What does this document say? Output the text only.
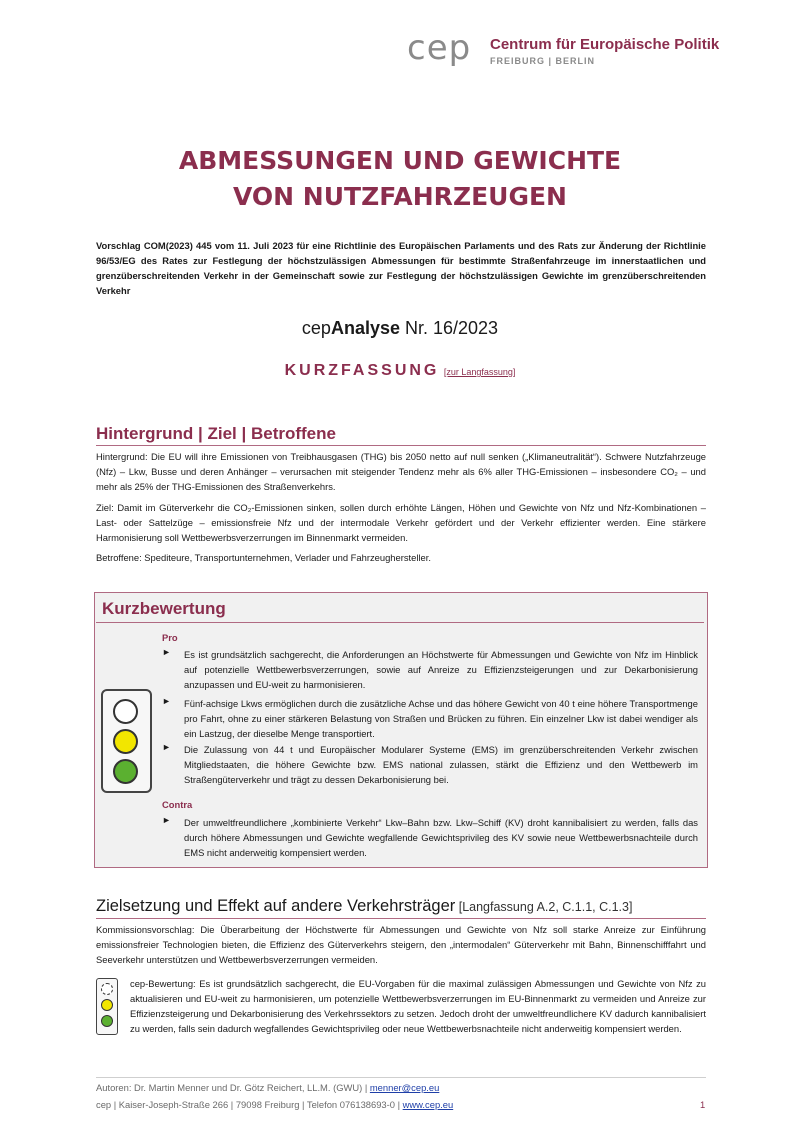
cep Centrum für Europäische Politik
FREIBURG | BERLIN
ABMESSUNGEN UND GEWICHTE
VON NUTZFAHRZEUGEN
Vorschlag COM(2023) 445 vom 11. Juli 2023 für eine Richtlinie des Europäischen Parlaments und des Rats zur Änderung der Richtlinie 96/53/EG des Rates zur Festlegung der höchstzulässigen Abmessungen für bestimmte Straßenfahrzeuge im innerstaatlichen und grenzüberschreitenden Verkehr in der Gemeinschaft sowie zur Festlegung der höchstzulässigen Gewichte im grenzüberschreitenden Verkehr
cepAnalyse Nr. 16/2023
KURZFASSUNG [zur Langfassung]
Hintergrund | Ziel | Betroffene
Hintergrund: Die EU will ihre Emissionen von Treibhausgasen (THG) bis 2050 netto auf null senken („Klimaneutralität“). Schwere Nutzfahrzeuge (Nfz) – Lkw, Busse und deren Anhänger – verursachen mit steigender Tendenz mehr als 6% aller THG-Emissionen – insbesondere CO₂ – und mehr als 25% der THG-Emissionen des Straßenverkehrs.
Ziel: Damit im Güterverkehr die CO₂-Emissionen sinken, sollen durch erhöhte Längen, Höhen und Gewichte von Nfz und Nfz-Kombinationen – Last- oder Sattelzüge – emissionsfreie Nfz und der intermodale Verkehr gefördert und der Verkehr effizienter werden. Eine stärkere Harmonisierung soll Wettbewerbsverzerrungen im Binnenmarkt vermeiden.
Betroffene: Spediteure, Transportunternehmen, Verlader und Fahrzeughersteller.
Kurzbewertung
Pro
► Es ist grundsätzlich sachgerecht, die Anforderungen an Höchstwerte für Abmessungen und Gewichte von Nfz im Hinblick auf potenzielle Wettbewerbsverzerrungen, sowie auf Anreize zu Effizienzsteigerungen und zur Dekarbonisierung anzupassen und EU-weit zu harmonisieren.
► Fünf-achsige Lkws ermöglichen durch die zusätzliche Achse und das höhere Gewicht von 40 t eine höhere Transportmenge pro Fahrt, ohne zu einer stärkeren Belastung von Straßen und Brücken zu führen. Ein einzelner Lkw ist dabei wendiger als ein Lastzug, der dieselbe Menge transportiert.
► Die Zulassung von 44 t und Europäischer Modularer Systeme (EMS) im grenzüberschreitenden Verkehr zwischen Mitgliedstaaten, die höhere Gewichte bzw. EMS national zulassen, stärkt die Effizienz und den Wettbewerb im Straßengüterverkehr und trägt zu dessen Dekarbonisierung bei.
Contra
► Der umweltfreundlichere „kombinierte Verkehr“ Lkw–Bahn bzw. Lkw–Schiff (KV) droht kannibalisiert zu werden, falls das durch höhere Abmessungen und Gewichte wegfallende Gewichtsprivileg des KV sowie neue Wettbewerbsnachteile durch EMS nicht anderweitig kompensiert werden.
Zielsetzung und Effekt auf andere Verkehrsträger [Langfassung A.2, C.1.1, C.1.3]
Kommissionsvorschlag: Die Überarbeitung der Höchstwerte für Abmessungen und Gewichte von Nfz soll starke Anreize zur Einführung emissionsfreier Technologien bieten, die Effizienz des Güterverkehrs steigern, den „intermodalen“ Güterverkehr mit Bahn, Binnenschifffahrt und Seeverkehr unterstützen und Wettbewerbsverzerrungen vermeiden.
cep-Bewertung: Es ist grundsätzlich sachgerecht, die EU-Vorgaben für die maximal zulässigen Abmessungen und Gewichte von Nfz zu aktualisieren und EU-weit zu harmonisieren, um potenzielle Wettbewerbsverzerrungen im EU-Binnenmarkt zu vermeiden und Anreize zur Effizienzsteigerung und Dekarbonisierung des Verkehrssektors zu setzen. Jedoch droht der umweltfreundlichere KV dadurch kannibalisiert zu werden, falls sein dadurch wegfallendes Gewichtsprivileg oder neue Wettbewerbsnachteile nicht anderweitig kompensiert werden.
Autoren: Dr. Martin Menner und Dr. Götz Reichert, LL.M. (GWU) | menner@cep.eu
cep | Kaiser-Joseph-Straße 266 | 79098 Freiburg | Telefon 076138693-0 | www.cep.eu	1
